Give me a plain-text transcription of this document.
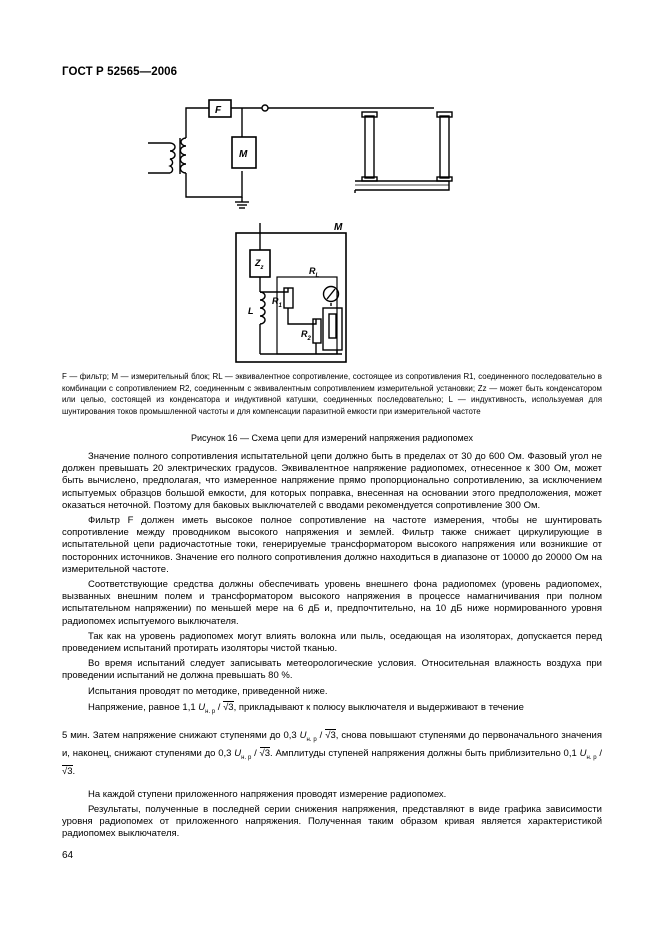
ГОСТ Р 52565—2006
F
M
M
$Z_z$	$R_L$
$R_1$
$R_2$
L

F — фильтр; M — измерительный блок; RL — эквивалентное сопротивление, состоящее из сопротивления R1, соединенного последовательно в комбинации с сопротивлением R2, соединенным с эквивалентным сопротивлением измерительной установки; Zz — может быть конденсатором или целью, состоящей из конденсатора и индуктивной катушки, соединенных последовательно; L — индуктивность, используемая для шунтирования токов промышленной частоты и для компенсации паразитной емкости при измерительной частоте

Рисунок 16 — Схема цепи для измерений напряжения радиопомех

Значение полного сопротивления испытательной цепи должно быть в пределах от 30 до 600 Ом. Фазовый угол не должен превышать 20 электрических градусов. Эквивалентное напряжение радиопомех, отнесенное к 300 Ом, может быть вычислено, предполагая, что измеренное напряжение прямо пропорционально сопротивлению, за исключением испытуемых образцов большой емкости, для которых поправка, внесенная на основании этого предположения, может оказаться неточной. Поэтому для баковых выключателей с вводами рекомендуется сопротивление 300 Ом.

Фильтр F должен иметь высокое полное сопротивление на частоте измерения, чтобы не шунтировать сопротивление между проводником высокого напряжения и землей. Фильтр также снижает циркулирующие в испытательной цепи радиочастотные токи, генерируемые трансформатором высокого напряжения или возникшие от посторонних источников. Значение его полного сопротивления должно находиться в диапазоне от 10000 до 20000 Ом на измерительной частоте.

Соответствующие средства должны обеспечивать уровень внешнего фона радиопомех (уровень радиопомех, вызванных внешним полем и трансформатором высокого напряжения в процессе намагничивания при полном испытательном напряжении) по меньшей мере на 6 дБ и, предпочтительно, на 10 дБ ниже нормированного уровня радиопомех испытуемого выключателя.

Так как на уровень радиопомех могут влиять волокна или пыль, оседающая на изоляторах, допускается перед проведением испытаний протирать изоляторы чистой тканью.

Во время испытаний следует записывать метеорологические условия. Относительная влажность воздуха при проведении испытаний не должна превышать 80 %.

Испытания проводят по методике, приведенной ниже.

Напряжение, равное 1,1 $U_{н. р} / √3$, прикладывают к полюсу выключателя и выдерживают в течение

5 мин. Затем напряжение снижают ступенями до 0,3 $U_{н. р} / √3$, снова повышают ступенями до первоначального значения и, наконец, снижают ступенями до 0,3 $U_{н. р} / √3$. Амплитуды ступеней напряжения должны быть приблизительно 0,1 $U_{н. р} / √3$.

На каждой ступени приложенного напряжения проводят измерение радиопомех.

Результаты, полученные в последней серии снижения напряжения, представляют в виде графика зависимости уровня радиопомех от приложенного напряжения. Полученная таким образом кривая является характеристикой радиопомех выключателя.

64
